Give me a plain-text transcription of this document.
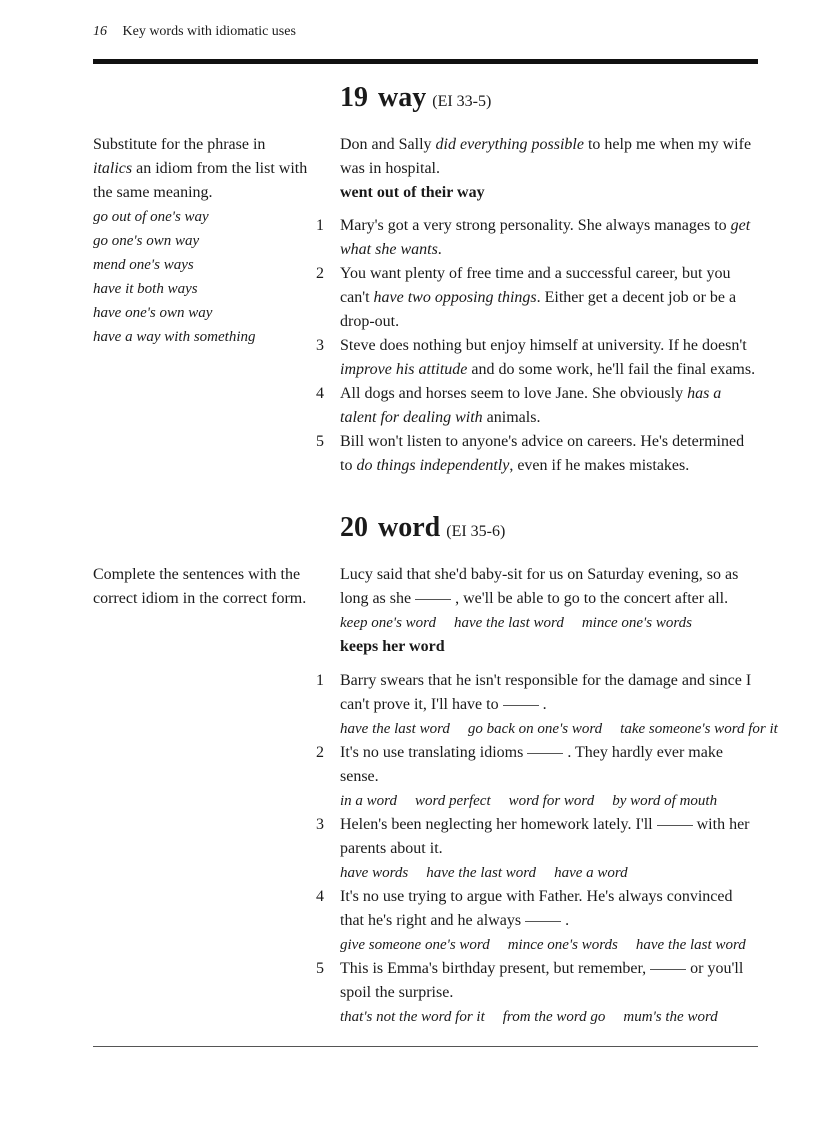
16 Key words with idiomatic uses
19 way (EI 33-5)
Substitute for the phrase in italics an idiom from the list with the same meaning.
go out of one's way
go one's own way
mend one's ways
have it both ways
have one's own way
have a way with something
Don and Sally did everything possible to help me when my wife was in hospital.
went out of their way
1 Mary's got a very strong personality. She always manages to get what she wants.
2 You want plenty of free time and a successful career, but you can't have two opposing things. Either get a decent job or be a drop-out.
3 Steve does nothing but enjoy himself at university. If he doesn't improve his attitude and do some work, he'll fail the final exams.
4 All dogs and horses seem to love Jane. She obviously has a talent for dealing with animals.
5 Bill won't listen to anyone's advice on careers. He's determined to do things independently, even if he makes mistakes.
20 word (EI 35-6)
Complete the sentences with the correct idiom in the correct form.
Lucy said that she'd baby-sit for us on Saturday evening, so as long as she	, we'll be able to go to the concert after all.
keep one's word have the last word mince one's words
keeps her word
1 Barry swears that he isn't responsible for the damage and since I can't prove it, I'll have to	.
have the last word go back on one's word take someone's word for it
2 It's no use translating idioms	. They hardly ever make sense.
in a word word perfect word for word by word of mouth
3 Helen's been neglecting her homework lately. I'll	with her parents about it.
have words have the last word have a word
4 It's no use trying to argue with Father. He's always convinced that he's right and he always	.
give someone one's word mince one's words have the last word
5 This is Emma's birthday present, but remember,	or you'll spoil the surprise.
that's not the word for it from the word go mum's the word
